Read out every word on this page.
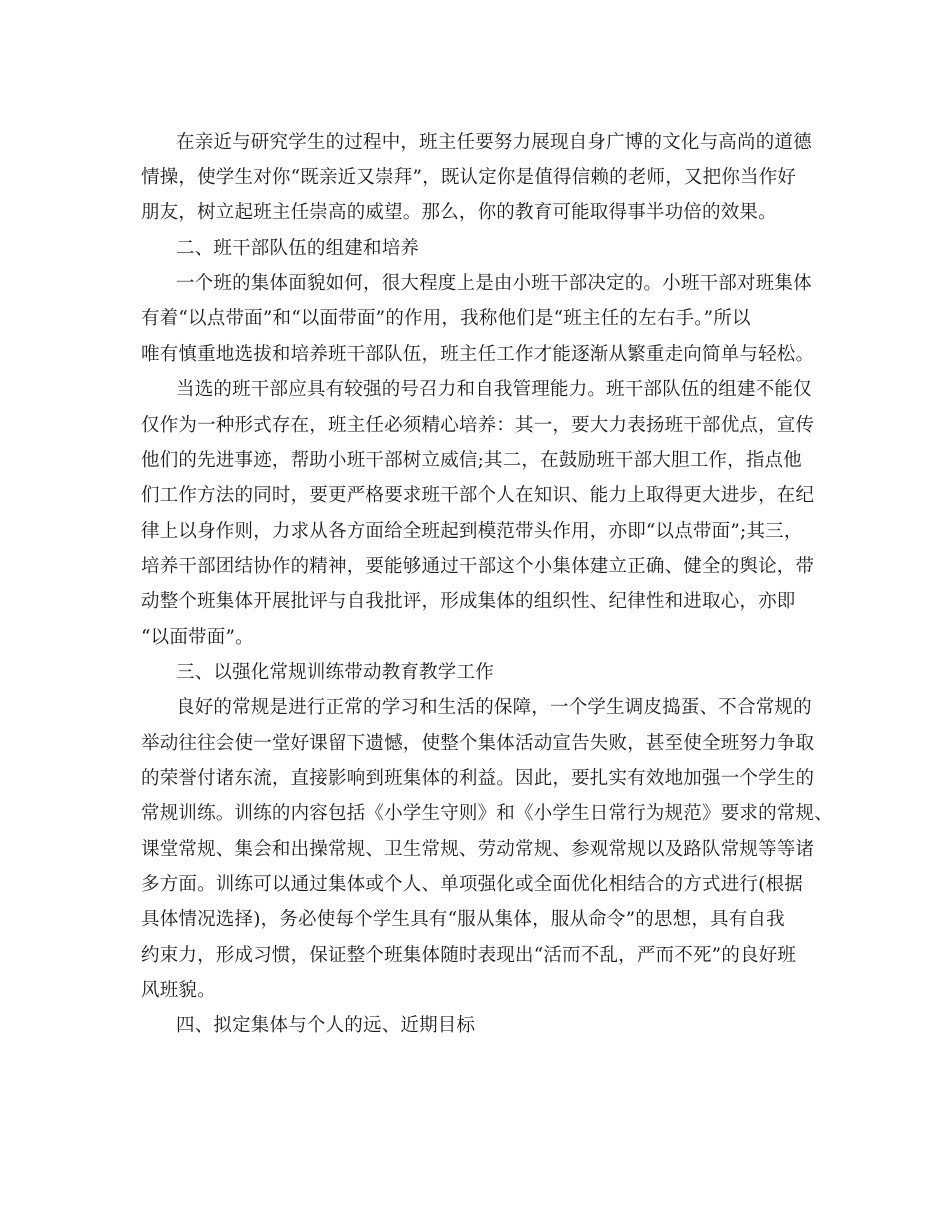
在亲近与研究学生的过程中，班主任要努力展现自身广博的文化与高尚的道德
情操，使学生对你“既亲近又崇拜”，既认定你是值得信赖的老师，又把你当作好
朋友，树立起班主任崇高的威望。那么，你的教育可能取得事半功倍的效果。
二、班干部队伍的组建和培养
一个班的集体面貌如何，很大程度上是由小班干部决定的。小班干部对班集体
有着“以点带面”和“以面带面”的作用，我称他们是“班主任的左右手。”所以
唯有慎重地选拔和培养班干部队伍，班主任工作才能逐渐从繁重走向简单与轻松。
当选的班干部应具有较强的号召力和自我管理能力。班干部队伍的组建不能仅
仅作为一种形式存在，班主任必须精心培养：其一，要大力表扬班干部优点，宣传
他们的先进事迹，帮助小班干部树立威信;其二，在鼓励班干部大胆工作，指点他
们工作方法的同时，要更严格要求班干部个人在知识、能力上取得更大进步，在纪
律上以身作则，力求从各方面给全班起到模范带头作用，亦即“以点带面”;其三，
培养干部团结协作的精神，要能够通过干部这个小集体建立正确、健全的舆论，带
动整个班集体开展批评与自我批评，形成集体的组织性、纪律性和进取心，亦即
“以面带面”。
三、以强化常规训练带动教育教学工作
良好的常规是进行正常的学习和生活的保障，一个学生调皮捣蛋、不合常规的
举动往往会使一堂好课留下遗憾，使整个集体活动宣告失败，甚至使全班努力争取
的荣誉付诸东流，直接影响到班集体的利益。因此，要扎实有效地加强一个学生的
常规训练。训练的内容包括《小学生守则》和《小学生日常行为规范》要求的常规、
课堂常规、集会和出操常规、卫生常规、劳动常规、参观常规以及路队常规等等诸
多方面。训练可以通过集体或个人、单项强化或全面优化相结合的方式进行(根据
具体情况选择)，务必使每个学生具有“服从集体，服从命令”的思想，具有自我
约束力，形成习惯，保证整个班集体随时表现出“活而不乱，严而不死”的良好班
风班貌。
四、拟定集体与个人的远、近期目标
